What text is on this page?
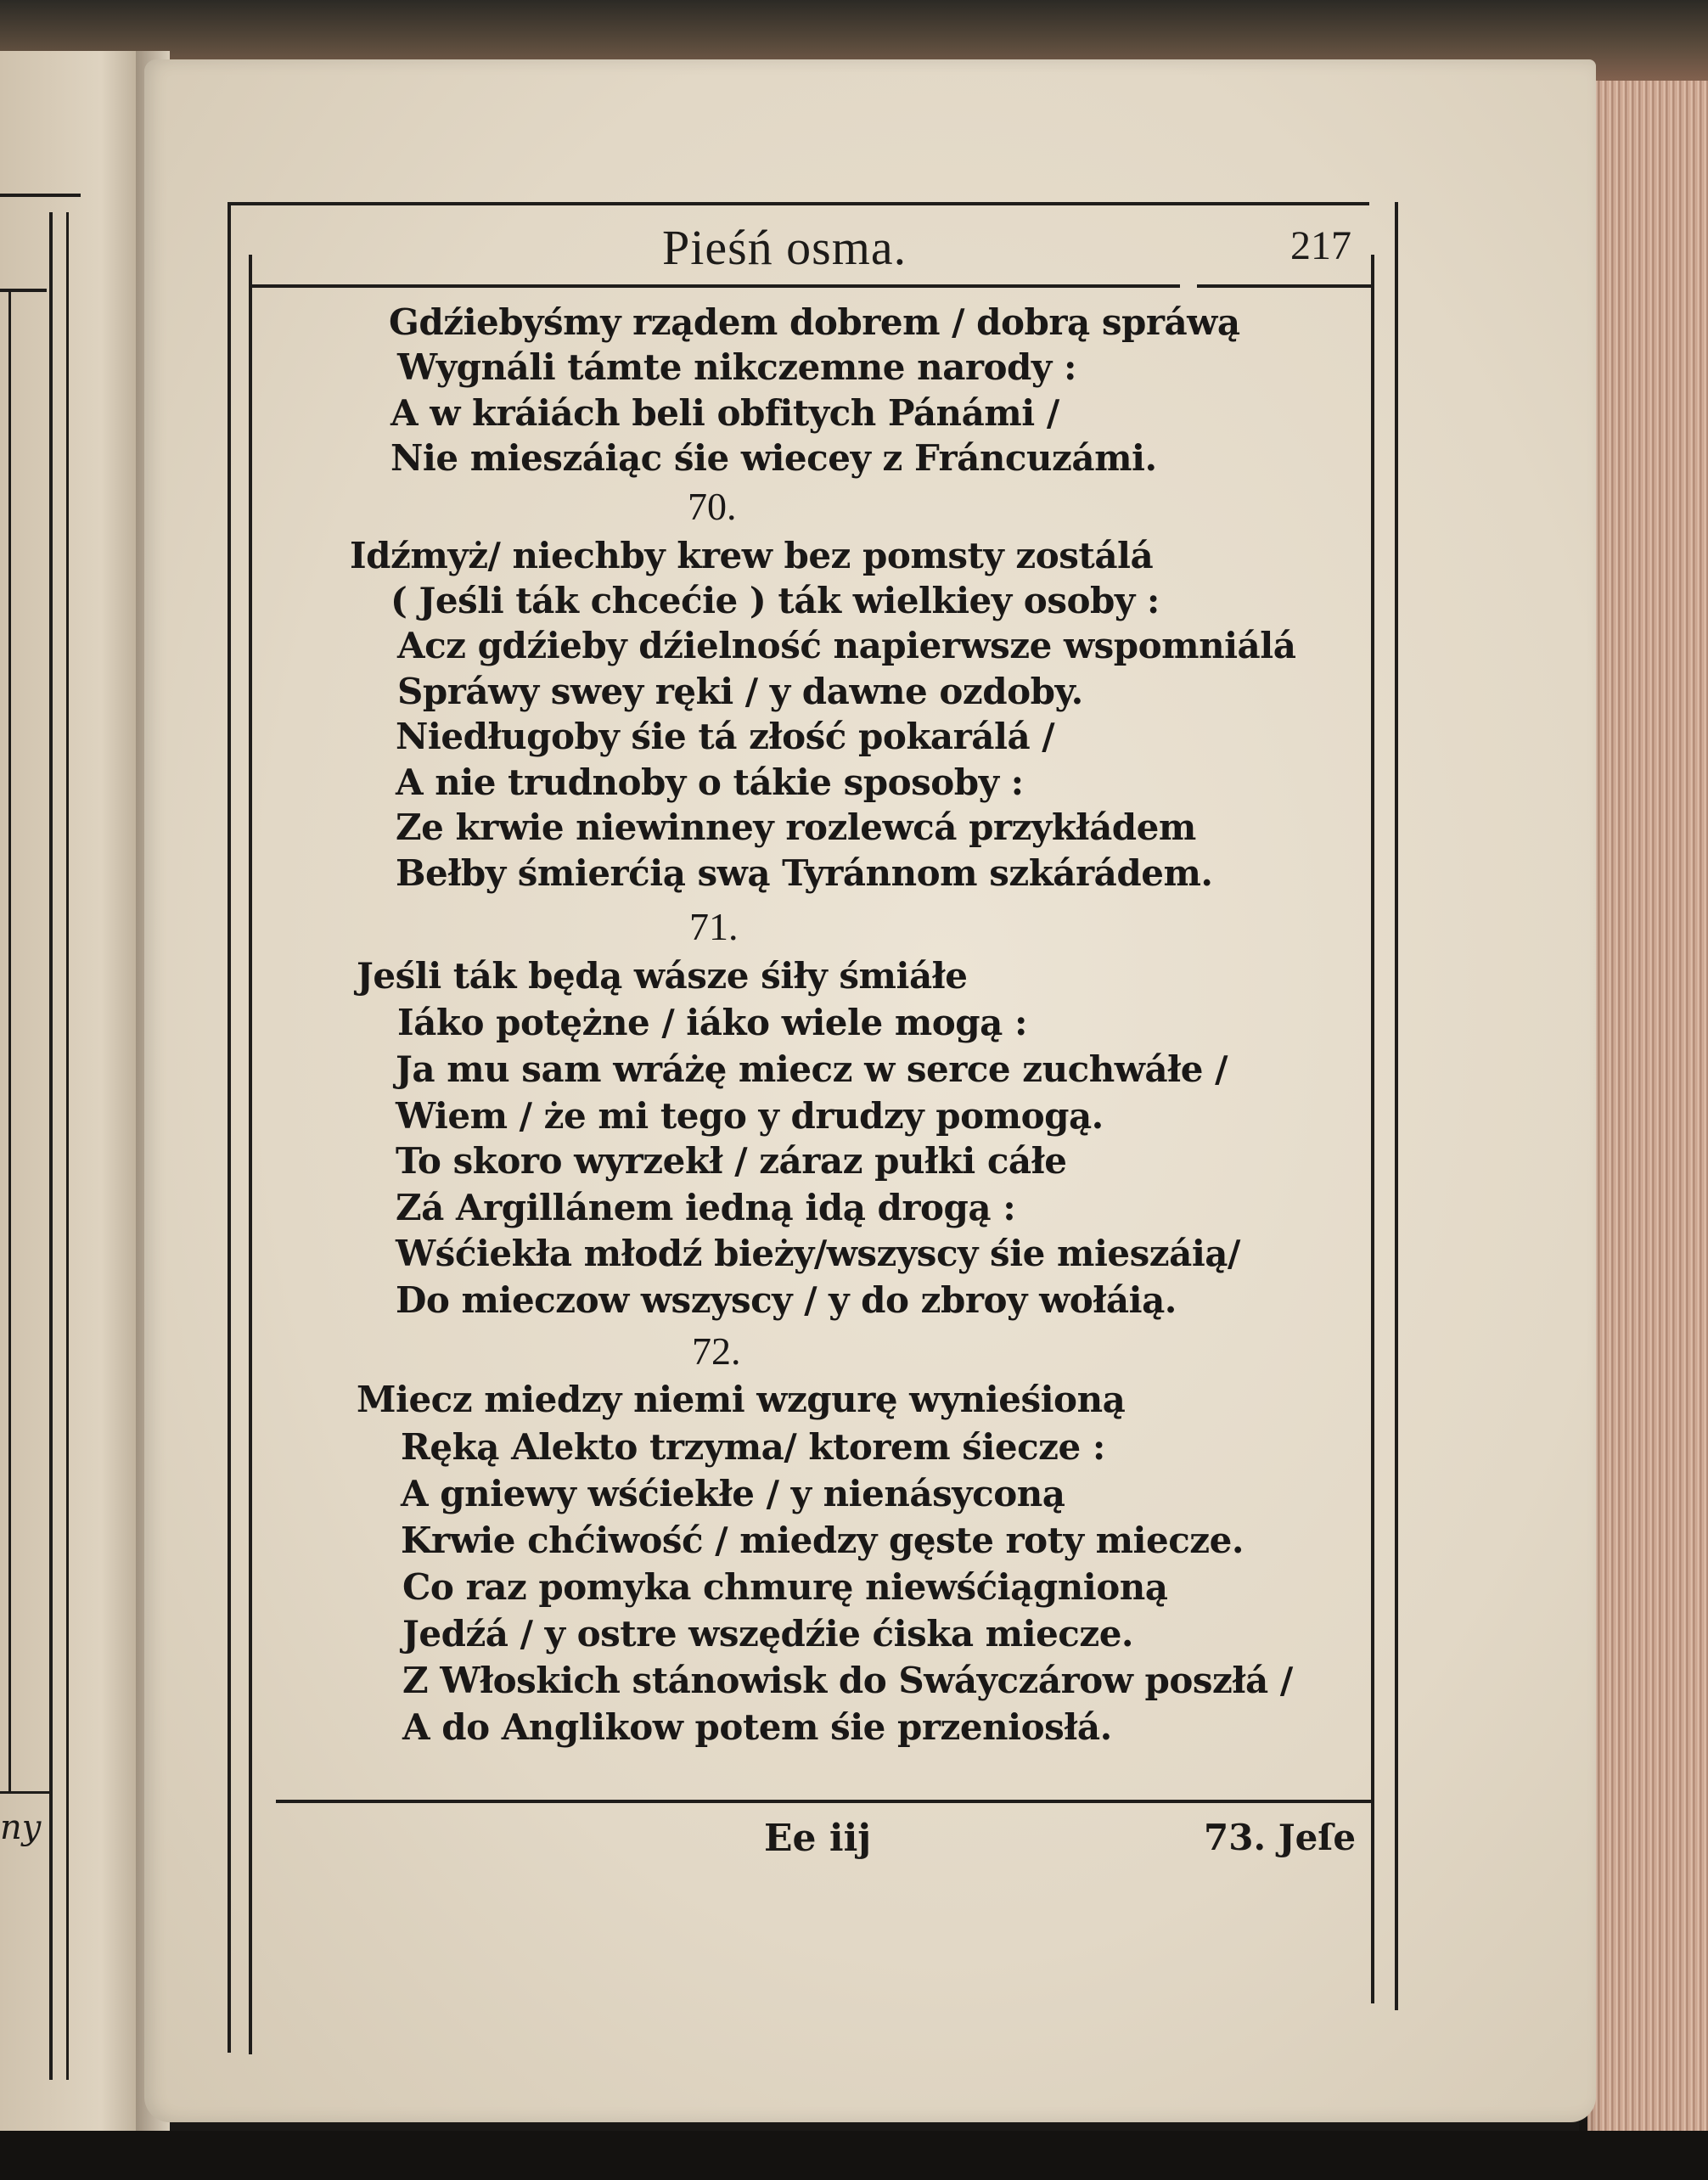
ny
Pieśń osma.	217
Gdźiebyśmy rządem dobrem / dobrą spráwą
Wygnáli támte nikczemne narody :
A w kráiách beli obfitych Pánámi /
Nie mieszáiąc śie wiecey z Fráncuzámi.
70.
Idźmyż/ niechby krew bez pomsty zostálá
( Jeśli ták chcećie ) ták wielkiey osoby :
Acz gdźieby dźielność napierwsze wspomniálá
Spráwy swey ręki / y dawne ozdoby.
Niedługoby śie tá złość pokarálá /
A nie trudnoby o tákie sposoby :
Ze krwie niewinney rozlewcá przykłádem
Bełby śmierćią swą Tyránnom szkárádem.
71.
Jeśli ták będą wásze śiły śmiáłe
Iáko potężne / iáko wiele mogą :
Ja mu sam wráżę miecz w serce zuchwáłe /
Wiem / że mi tego y drudzy pomogą.
To skoro wyrzekł / záraz pułki cáłe
Zá Argillánem iedną idą drogą :
Wśćiekła młodź bieży/wszyscy śie mieszáią/
Do mieczow wszyscy / y do zbroy wołáią.
72.
Miecz miedzy niemi wzgurę wynieśioną
Ręką Alekto trzyma/ ktorem śiecze :
A gniewy wśćiekłe / y nienásyconą
Krwie chćiwość / miedzy gęste roty miecze.
Co raz pomyka chmurę niewśćiągnioną
Jedźá / y ostre wszędźie ćiska miecze.
Z Włoskich stánowisk do Swáyczárow poszłá /
A do Anglikow potem śie przeniosłá.
Ee iij	73. Jeſe
